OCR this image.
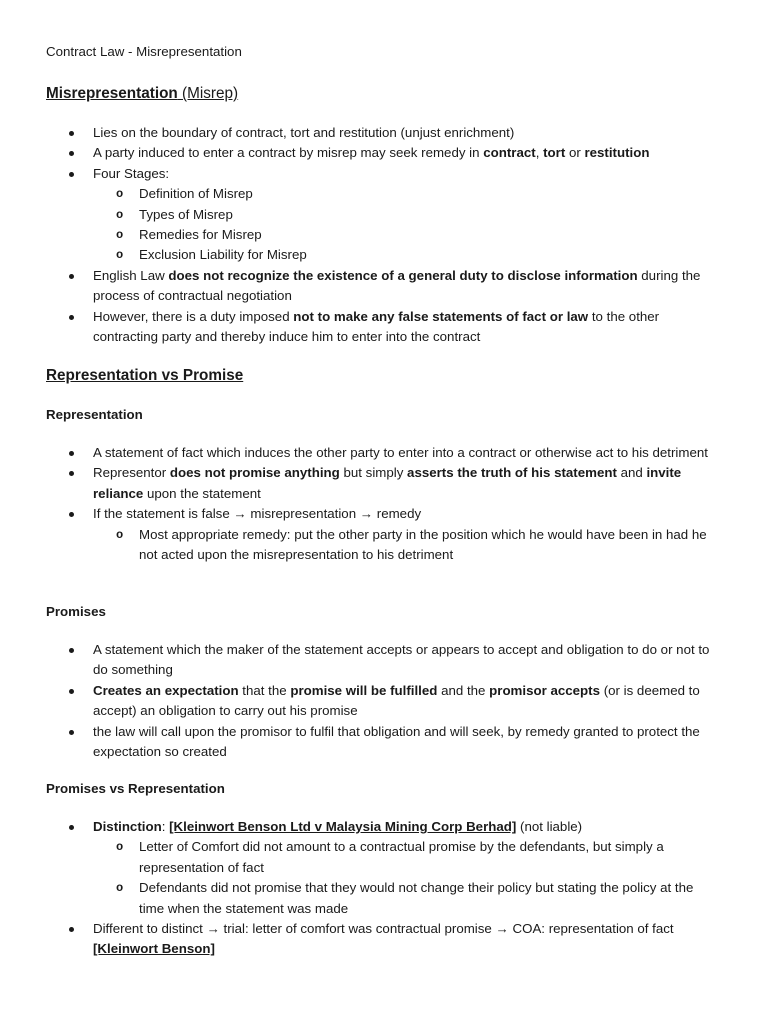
Contract Law - Misrepresentation
Misrepresentation (Misrep)
Lies on the boundary of contract, tort and restitution (unjust enrichment)
A party induced to enter a contract by misrep may seek remedy in contract, tort or restitution
Four Stages:
o Definition of Misrep
o Types of Misrep
o Remedies for Misrep
o Exclusion Liability for Misrep
English Law does not recognize the existence of a general duty to disclose information during the process of contractual negotiation
However, there is a duty imposed not to make any false statements of fact or law to the other contracting party and thereby induce him to enter into the contract
Representation vs Promise
Representation
A statement of fact which induces the other party to enter into a contract or otherwise act to his detriment
Representor does not promise anything but simply asserts the truth of his statement and invite reliance upon the statement
If the statement is false → misrepresentation → remedy
o Most appropriate remedy: put the other party in the position which he would have been in had he not acted upon the misrepresentation to his detriment
Promises
A statement which the maker of the statement accepts or appears to accept and obligation to do or not to do something
Creates an expectation that the promise will be fulfilled and the promisor accepts (or is deemed to accept) an obligation to carry out his promise
the law will call upon the promisor to fulfil that obligation and will seek, by remedy granted to protect the expectation so created
Promises vs Representation
Distinction: [Kleinwort Benson Ltd v Malaysia Mining Corp Berhad] (not liable)
o Letter of Comfort did not amount to a contractual promise by the defendants, but simply a representation of fact
o Defendants did not promise that they would not change their policy but stating the policy at the time when the statement was made
Different to distinct → trial: letter of comfort was contractual promise → COA: representation of fact [Kleinwort Benson]
